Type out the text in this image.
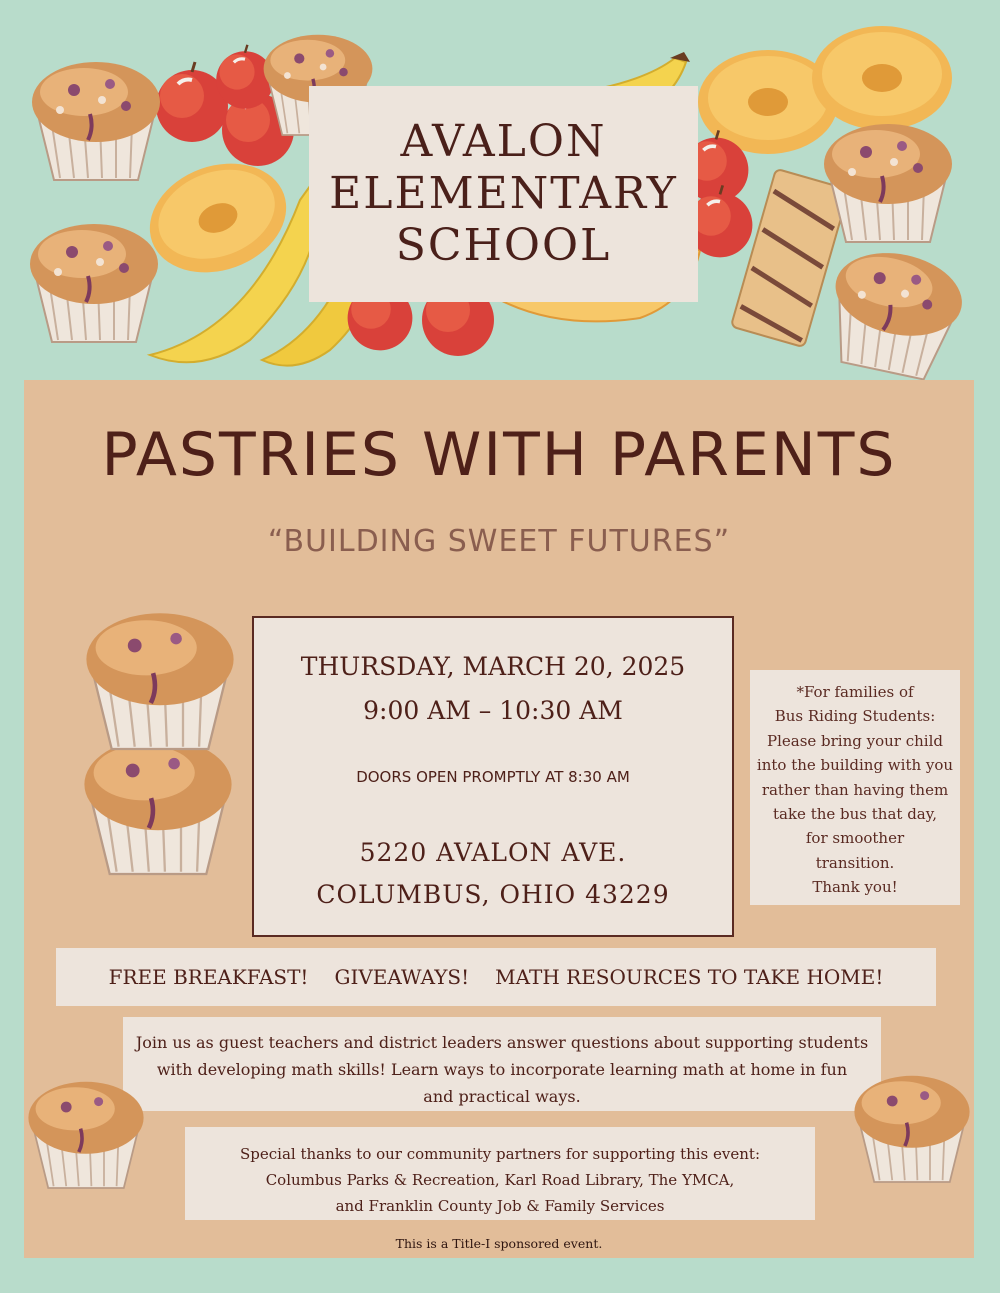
AVALON
ELEMENTARY
SCHOOL
PASTRIES WITH PARENTS
“BUILDING SWEET FUTURES”
THURSDAY, MARCH 20, 2025
9:00 AM – 10:30 AM
DOORS OPEN PROMPTLY AT 8:30 AM
5220 AVALON AVE.
COLUMBUS, OHIO 43229
*For families of
Bus Riding Students:
Please bring your child
into the building with you
rather than having them
take the bus that day,
for smoother
transition.
Thank you!
FREE BREAKFAST! GIVEAWAYS! MATH RESOURCES TO TAKE HOME!
Join us as guest teachers and district leaders answer questions about supporting students
with developing math skills! Learn ways to incorporate learning math at home in fun
and practical ways.
Special thanks to our community partners for supporting this event:
Columbus Parks & Recreation, Karl Road Library, The YMCA,
and Franklin County Job & Family Services
This is a Title-I sponsored event.
